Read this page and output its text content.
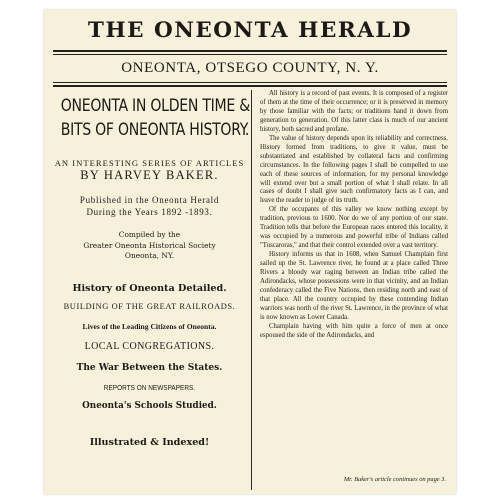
THE ONEONTA HERALD
ONEONTA, OTSEGO COUNTY, N. Y.
ONEONTA IN OLDEN TIME &
BITS OF ONEONTA HISTORY.
AN INTERESTING SERIES OF ARTICLES
BY HARVEY BAKER.
Published in the Oneonta Herald
During the Years 1892 -1893.
Compiled by the
Greater Oneonta Historical Society
Oneonta, NY.
History of Oneonta Detailed.
BUILDING OF THE GREAT RAILROADS.
Lives of the Leading Citizens of Oneonta.
LOCAL CONGREGATIONS.
The War Between the States.
REPORTS ON NEWSPAPERS.
Oneonta's Schools Studied.
Illustrated & Indexed!

All history is a record of past events. It is composed of a register of them at the time of their occurrence; or it is preserved in memory by those familiar with the facts; or traditions hand it down from generation to generation. Of this latter class is much of our ancient history, both sacred and profane.

The value of history depends upon its reliability and correctness. History formed from traditions, to give it value, must be substantiated and established by collateral facts and confirming circumstances. In the following pages I shall be compelled to use each of these sources of information, for my personal knowledge will extend over but a small portion of what I shall relate. In all cases of doubt I shall give such confirmatory facts as I can, and leave the reader to judge of its truth.

Of the occupants of this valley we know nothing except by tradition, previous to 1600. Nor do we of any portion of our state. Tradition tells that before the European races entered this locality, it was occupied by a numerous and powerful tribe of Indians called "Tuscaroras," and that their control extended over a vast territory.

History informs us that in 1608, when Samuel Champlain first sailed up the St. Lawrence river, he found at a place called Three Rivers a bloody war raging between an Indian tribe called the Adirondacks, whose possessions were in that vicinity, and an Indian confederacy called the Five Nations, then residing north and east of that place. All the country occupied by these contending Indian warriors was north of the river St. Lawrence, in the province of what is now known as Lower Canada.

Champlain having with him quite a force of men at once espoused the side of the Adirondacks, and

Mr. Baker's article continues on page 3.
